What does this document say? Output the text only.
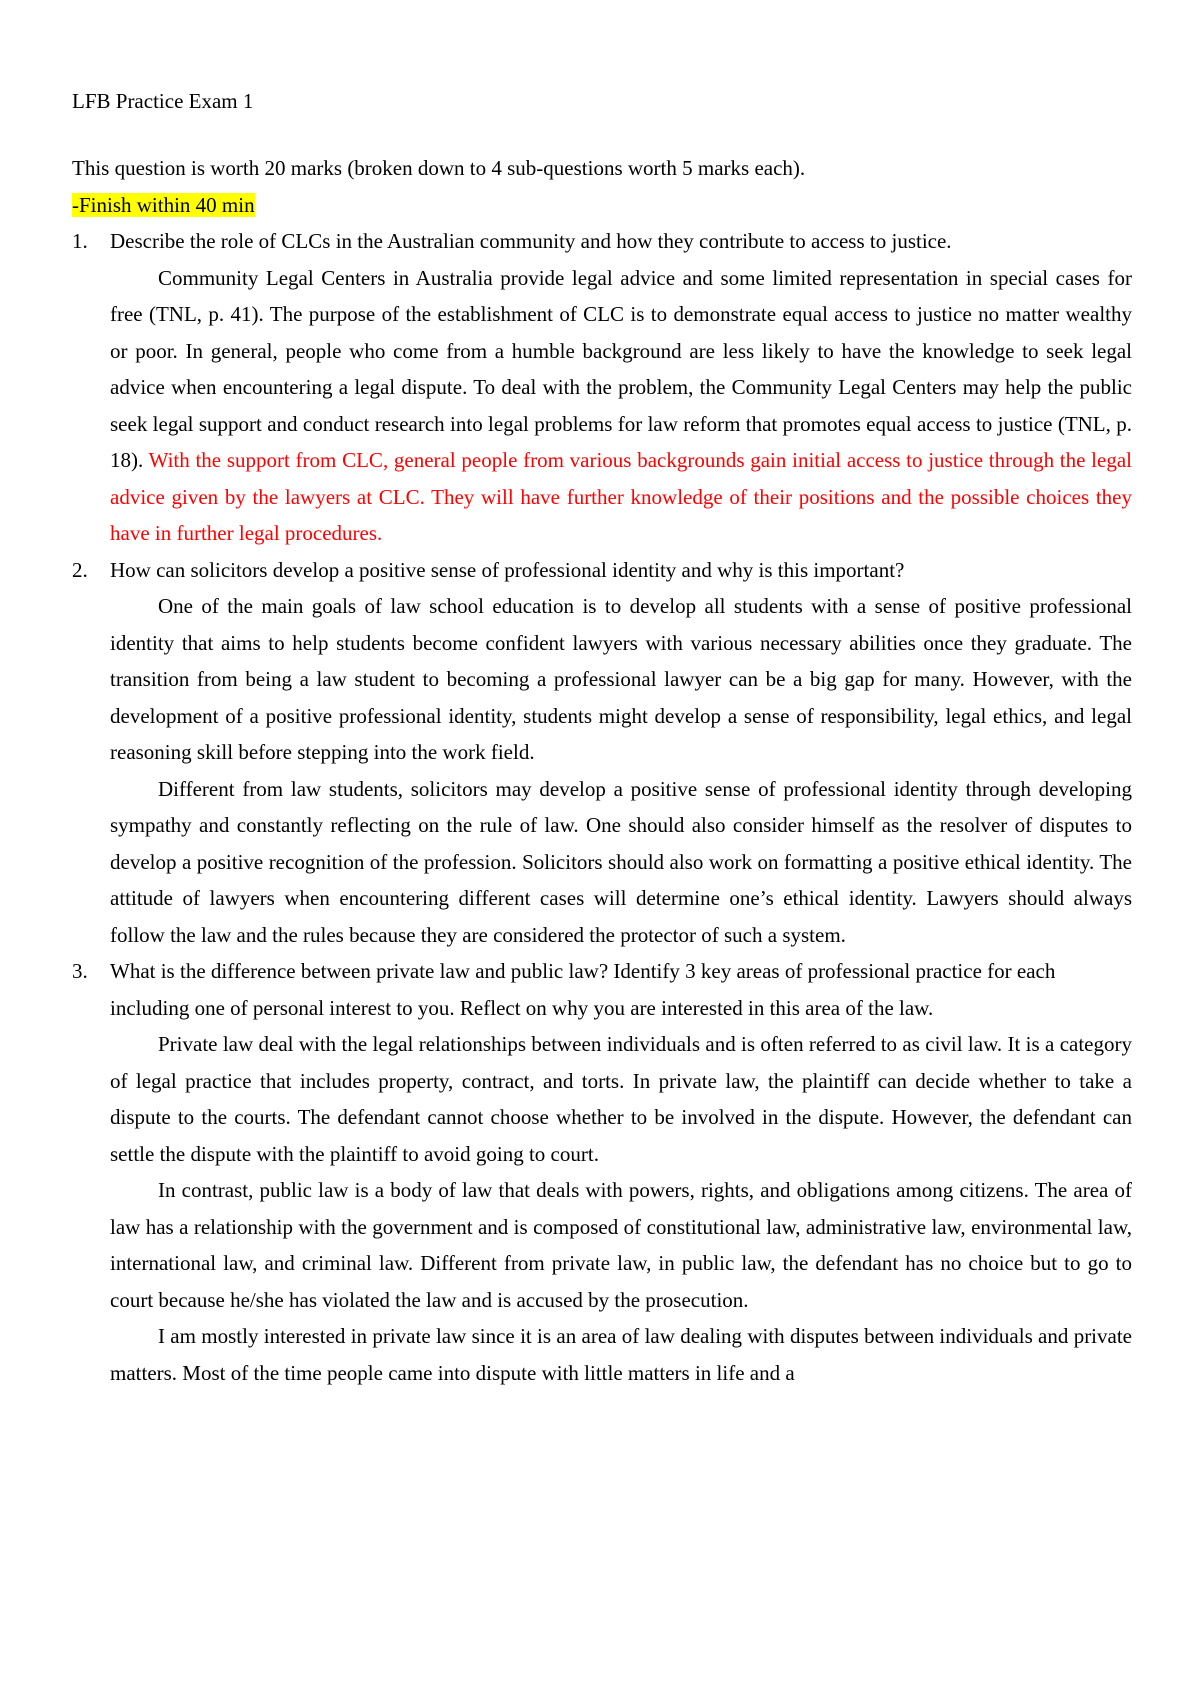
LFB Practice Exam 1

This question is worth 20 marks (broken down to 4 sub-questions worth 5 marks each).

-Finish within 40 min

1. Describe the role of CLCs in the Australian community and how they contribute to access to justice.

Community Legal Centers in Australia provide legal advice and some limited representation in special cases for free (TNL, p. 41). The purpose of the establishment of CLC is to demonstrate equal access to justice no matter wealthy or poor. In general, people who come from a humble background are less likely to have the knowledge to seek legal advice when encountering a legal dispute. To deal with the problem, the Community Legal Centers may help the public seek legal support and conduct research into legal problems for law reform that promotes equal access to justice (TNL, p. 18). With the support from CLC, general people from various backgrounds gain initial access to justice through the legal advice given by the lawyers at CLC. They will have further knowledge of their positions and the possible choices they have in further legal procedures.

2. How can solicitors develop a positive sense of professional identity and why is this important?

One of the main goals of law school education is to develop all students with a sense of positive professional identity that aims to help students become confident lawyers with various necessary abilities once they graduate. The transition from being a law student to becoming a professional lawyer can be a big gap for many. However, with the development of a positive professional identity, students might develop a sense of responsibility, legal ethics, and legal reasoning skill before stepping into the work field.

Different from law students, solicitors may develop a positive sense of professional identity through developing sympathy and constantly reflecting on the rule of law. One should also consider himself as the resolver of disputes to develop a positive recognition of the profession. Solicitors should also work on formatting a positive ethical identity. The attitude of lawyers when encountering different cases will determine one’s ethical identity. Lawyers should always follow the law and the rules because they are considered the protector of such a system.

3. What is the difference between private law and public law? Identify 3 key areas of professional practice for each including one of personal interest to you. Reflect on why you are interested in this area of the law.

Private law deal with the legal relationships between individuals and is often referred to as civil law. It is a category of legal practice that includes property, contract, and torts. In private law, the plaintiff can decide whether to take a dispute to the courts. The defendant cannot choose whether to be involved in the dispute. However, the defendant can settle the dispute with the plaintiff to avoid going to court.

In contrast, public law is a body of law that deals with powers, rights, and obligations among citizens. The area of law has a relationship with the government and is composed of constitutional law, administrative law, environmental law, international law, and criminal law. Different from private law, in public law, the defendant has no choice but to go to court because he/she has violated the law and is accused by the prosecution.

I am mostly interested in private law since it is an area of law dealing with disputes between individuals and private matters. Most of the time people came into dispute with little matters in life and a
